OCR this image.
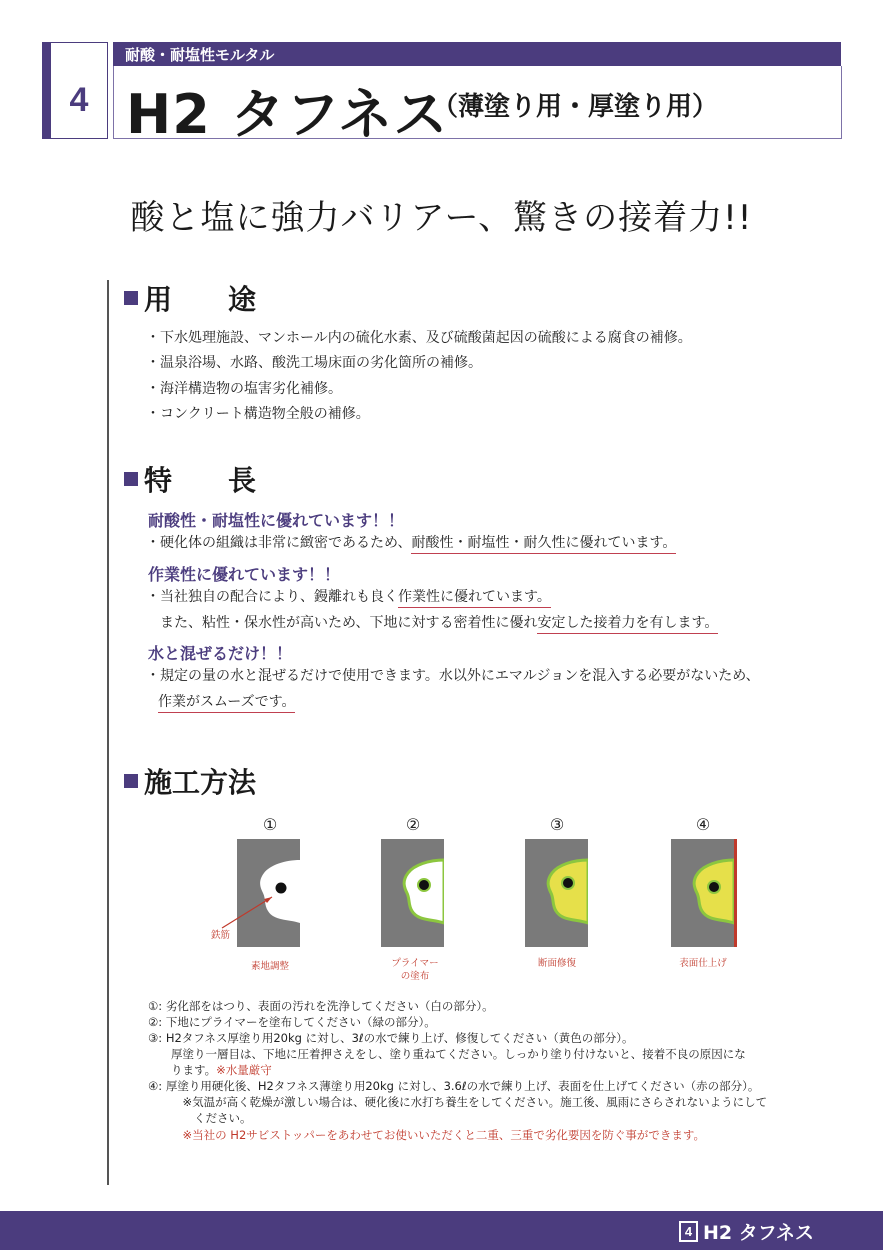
4
耐酸・耐塩性モルタル
H2 タフネス
（薄塗り用・厚塗り用）
酸と塩に強力バリアー、驚きの接着力!!
用　　途
・下水処理施設、マンホール内の硫化水素、及び硫酸菌起因の硫酸による腐食の補修。
・温泉浴場、水路、酸洗工場床面の劣化箇所の補修。
・海洋構造物の塩害劣化補修。
・コンクリート構造物全般の補修。
特　　長
耐酸性・耐塩性に優れています！！
・硬化体の組織は非常に緻密であるため、耐酸性・耐塩性・耐久性に優れています。
作業性に優れています！！
・当社独自の配合により、鏝離れも良く作業性に優れています。
　また、粘性・保水性が高いため、下地に対する密着性に優れ安定した接着力を有します。
水と混ぜるだけ！！
・規定の量の水と混ぜるだけで使用できます。水以外にエマルジョンを混入する必要がないため、
作業がスムーズです。
施工方法
①	②	③	④
鉄筋
素地調整	プライマー
の塗布
断面修復	表面仕上げ
①: 劣化部をはつり、表面の汚れを洗浄してください（白の部分）。
②: 下地にプライマーを塗布してください（緑の部分）。
③: H2タフネス厚塗り用20kg に対し、3ℓの水で練り上げ、修復してください（黄色の部分）。
　　厚塗り一層目は、下地に圧着押さえをし、塗り重ねてください。しっかり塗り付けないと、接着不良の原因にな
　　ります。※水量厳守
④: 厚塗り用硬化後、H2タフネス薄塗り用20kg に対し、3.6ℓの水で練り上げ、表面を仕上げてください（赤の部分）。
　　　※気温が高く乾燥が激しい場合は、硬化後に水打ち養生をしてください。施工後、風雨にさらされないようにして
　　　　ください。
　　　※当社の H2サビストッパーをあわせてお使いいただくと二重、三重で劣化要因を防ぐ事ができます。
4 H2 タフネス
